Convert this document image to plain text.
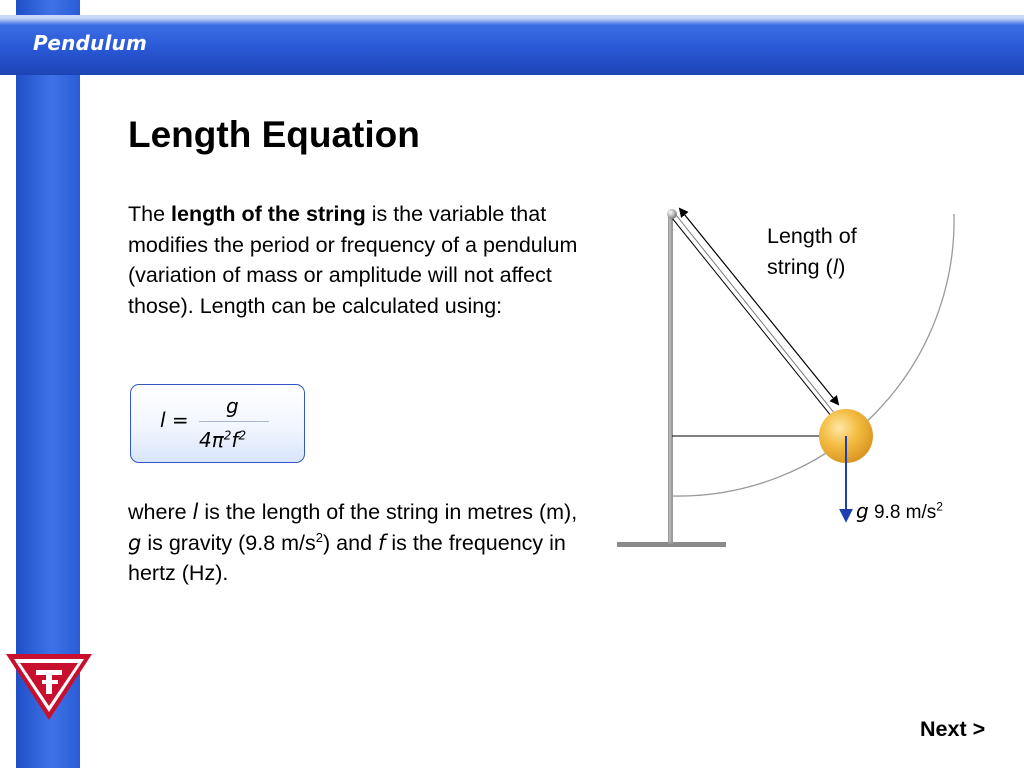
Pendulum
Length Equation

The length of the string is the variable that modifies the period or frequency of a pendulum (variation of mass or amplitude will not affect those). Length can be calculated using:

l =
g
$4\pi^2f^2$

where l is the length of the string in metres (m), g is gravity (9.8 $m/s^2$) and f is the frequency in hertz (Hz).

Length of
string (l)
g 9.8 $m/s^2$
Next >
